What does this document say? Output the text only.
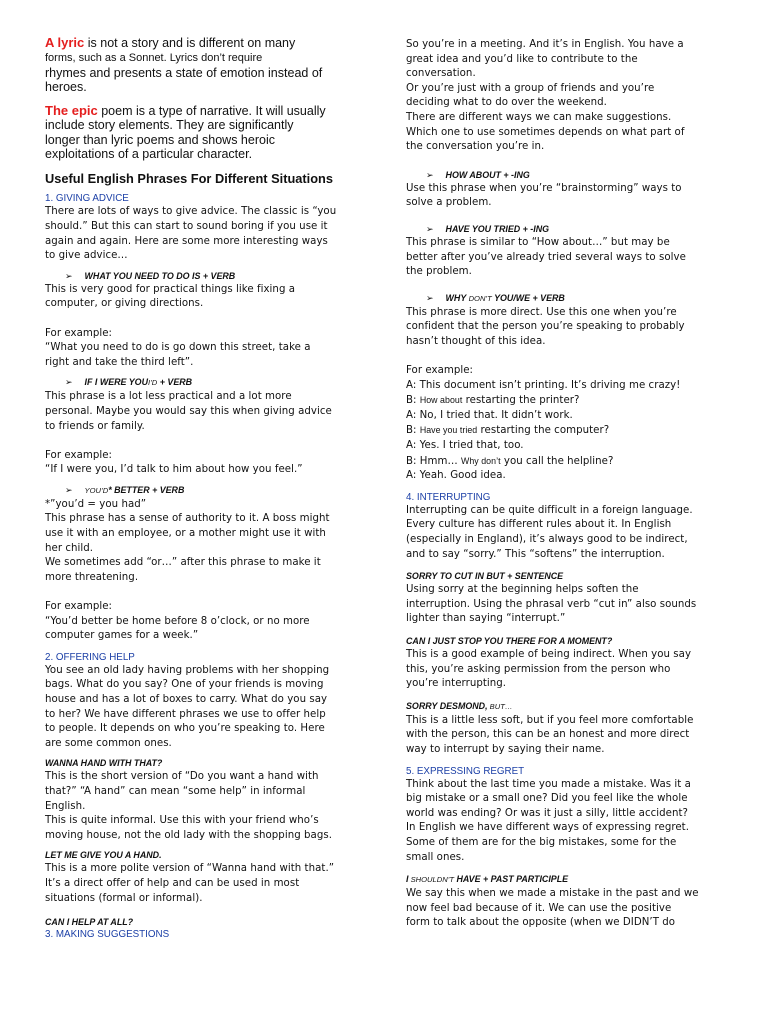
A lyric is not a story and is different on many
forms, such as a Sonnet. Lyrics don’t require
rhymes and presents a state of emotion instead of
heroes.

The epic poem is a type of narrative. It will usually
include story elements. They are significantly
longer than lyric poems and shows heroic
exploitations of a particular character.

Useful English Phrases For Different Situations
1. GIVING ADVICE
There are lots of ways to give advice. The classic is “you
should.” But this can start to sound boring if you use it
again and again. Here are some more interesting ways
to give advice…
➢ WHAT YOU NEED TO DO IS + VERB
This is very good for practical things like fixing a
computer, or giving directions.
For example:
“What you need to do is go down this street, take a
right and take the third left”.
➢ IF I WERE YOUI’D + VERB
This phrase is a lot less practical and a lot more
personal. Maybe you would say this when giving advice
to friends or family.
For example:
“If I were you, I’d talk to him about how you feel.”
➢ YOU’D* BETTER + VERB
*”you’d = you had”
This phrase has a sense of authority to it. A boss might
use it with an employee, or a mother might use it with
her child.
We sometimes add “or…” after this phrase to make it
more threatening.
For example:
“You’d better be home before 8 o’clock, or no more
computer games for a week.”
2. OFFERING HELP
You see an old lady having problems with her shopping
bags. What do you say? One of your friends is moving
house and has a lot of boxes to carry. What do you say
to her? We have different phrases we use to offer help
to people. It depends on who you’re speaking to. Here
are some common ones.
WANNA HAND WITH THAT?
This is the short version of “Do you want a hand with
that?” “A hand” can mean “some help” in informal
English.
This is quite informal. Use this with your friend who’s
moving house, not the old lady with the shopping bags.
LET ME GIVE YOU A HAND.
This is a more polite version of “Wanna hand with that.”
It’s a direct offer of help and can be used in most
situations (formal or informal).
CAN I HELP AT ALL?
3. MAKING SUGGESTIONS
So you’re in a meeting. And it’s in English. You have a
great idea and you’d like to contribute to the
conversation.
Or you’re just with a group of friends and you’re
deciding what to do over the weekend.
There are different ways we can make suggestions.
Which one to use sometimes depends on what part of
the conversation you’re in.
➢ HOW ABOUT + -ING
Use this phrase when you’re “brainstorming” ways to
solve a problem.
➢ HAVE YOU TRIED + -ING
This phrase is similar to “How about…” but may be
better after you’ve already tried several ways to solve
the problem.
➢ WHY DON’T YOU/WE + VERB
This phrase is more direct. Use this one when you’re
confident that the person you’re speaking to probably
hasn’t thought of this idea.
For example:
A: This document isn’t printing. It’s driving me crazy!
B: How about restarting the printer?
A: No, I tried that. It didn’t work.
B: Have you tried restarting the computer?
A: Yes. I tried that, too.
B: Hmm… Why don’t you call the helpline?
A: Yeah. Good idea.
4. INTERRUPTING
Interrupting can be quite difficult in a foreign language.
Every culture has different rules about it. In English
(especially in England), it’s always good to be indirect,
and to say “sorry.” This “softens” the interruption.
SORRY TO CUT IN BUT + SENTENCE
Using sorry at the beginning helps soften the
interruption. Using the phrasal verb “cut in” also sounds
lighter than saying “interrupt.”
CAN I JUST STOP YOU THERE FOR A MOMENT?
This is a good example of being indirect. When you say
this, you’re asking permission from the person who
you’re interrupting.
SORRY DESMOND, BUT…
This is a little less soft, but if you feel more comfortable
with the person, this can be an honest and more direct
way to interrupt by saying their name.
5. EXPRESSING REGRET
Think about the last time you made a mistake. Was it a
big mistake or a small one? Did you feel like the whole
world was ending? Or was it just a silly, little accident?
In English we have different ways of expressing regret.
Some of them are for the big mistakes, some for the
small ones.
I SHOULDN’T HAVE + PAST PARTICIPLE
We say this when we made a mistake in the past and we
now feel bad because of it. We can use the positive
form to talk about the opposite (when we DIDN’T do
